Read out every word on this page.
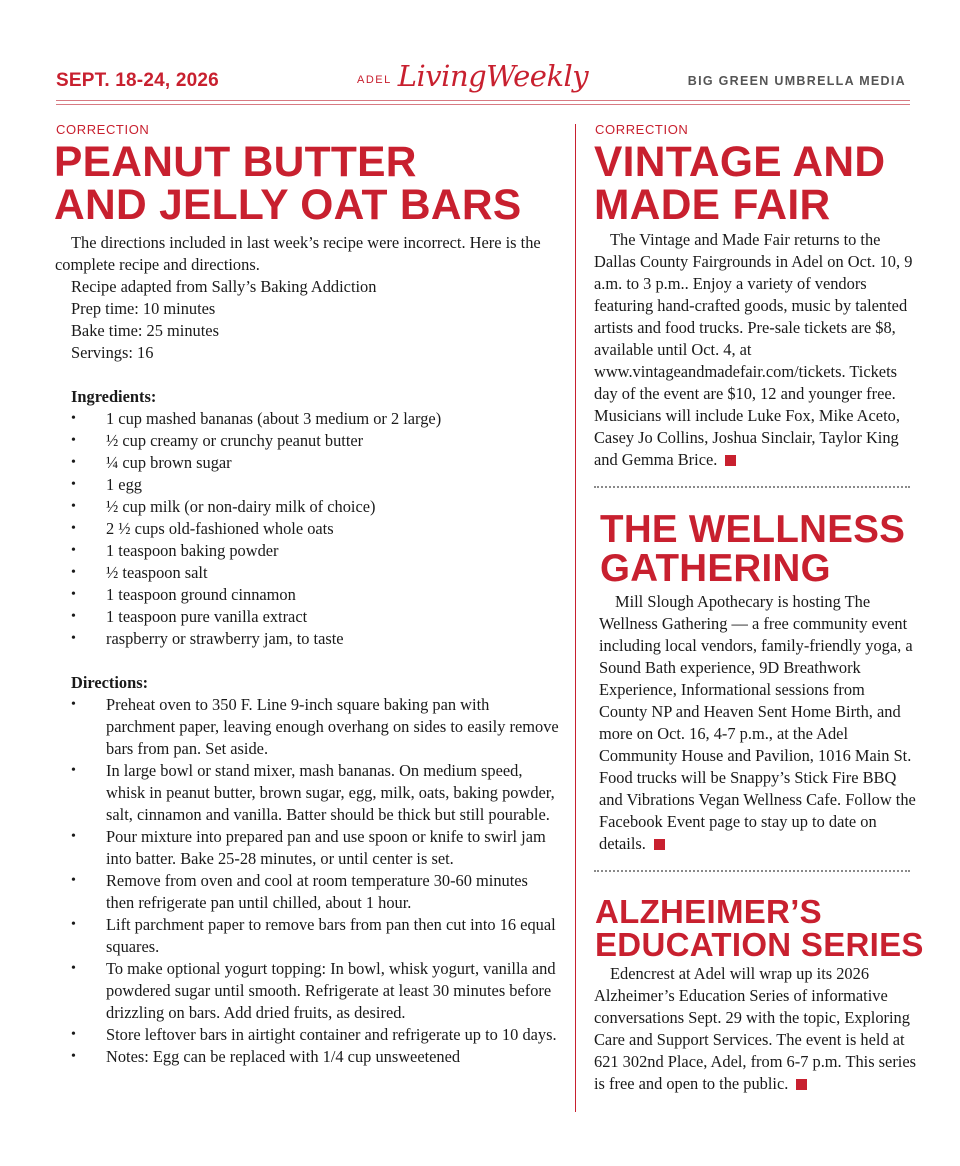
SEPT. 18-24, 2026	ADEL LivingWeekly	BIG GREEN UMBRELLA MEDIA
CORRECTION
PEANUT BUTTER
AND JELLY OAT BARS

The directions included in last week’s recipe were incorrect. Here is the complete recipe and directions.

Recipe adapted from Sally’s Baking Addiction

Prep time: 10 minutes

Bake time: 25 minutes

Servings: 16

Ingredients:

• 1 cup mashed bananas (about 3 medium or 2 large)
• ½ cup creamy or crunchy peanut butter
• ¼ cup brown sugar
• 1 egg
• ½ cup milk (or non-dairy milk of choice)
• 2 ½ cups old-fashioned whole oats
• 1 teaspoon baking powder
• ½ teaspoon salt
• 1 teaspoon ground cinnamon
• 1 teaspoon pure vanilla extract
• raspberry or strawberry jam, to taste

Directions:

• Preheat oven to 350 F. Line 9-inch square baking pan with parchment paper, leaving enough overhang on sides to easily remove bars from pan. Set aside.
• In large bowl or stand mixer, mash bananas. On medium speed, whisk in peanut butter, brown sugar, egg, milk, oats, baking powder, salt, cinnamon and vanilla. Batter should be thick but still pourable.
• Pour mixture into prepared pan and use spoon or knife to swirl jam into batter. Bake 25-28 minutes, or until center is set.
• Remove from oven and cool at room temperature 30-60 minutes then refrigerate pan until chilled, about 1 hour.
• Lift parchment paper to remove bars from pan then cut into 16 equal squares.
• To make optional yogurt topping: In bowl, whisk yogurt, vanilla and powdered sugar until smooth. Refrigerate at least 30 minutes before drizzling on bars. Add dried fruits, as desired.
• Store leftover bars in airtight container and refrigerate up to 10 days.
• Notes: Egg can be replaced with 1/4 cup unsweetened
CORRECTION
VINTAGE AND
MADE FAIR

The Vintage and Made Fair returns to the Dallas County Fairgrounds in Adel on Oct. 10, 9 a.m. to 3 p.m.. Enjoy a variety of vendors featuring hand-crafted goods, music by talented artists and food trucks. Pre-sale tickets are $8, available until Oct. 4, at www.vintageandmadefair.com/tickets. Tickets day of the event are $10, 12 and younger free. Musicians will include Luke Fox, Mike Aceto, Casey Jo Collins, Joshua Sinclair, Taylor King and Gemma Brice.

THE WELLNESS
GATHERING

Mill Slough Apothecary is hosting The Wellness Gathering — a free community event including local vendors, family-friendly yoga, a Sound Bath experience, 9D Breathwork Experience, Informational sessions from County NP and Heaven Sent Home Birth, and more on Oct. 16, 4-7 p.m., at the Adel Community House and Pavilion, 1016 Main St. Food trucks will be Snappy’s Stick Fire BBQ and Vibrations Vegan Wellness Cafe. Follow the Facebook Event page to stay up to date on details.

ALZHEIMER’S
EDUCATION SERIES

Edencrest at Adel will wrap up its 2026 Alzheimer’s Education Series of informative conversations Sept. 29 with the topic, Exploring Care and Support Services. The event is held at 621 302nd Place, Adel, from 6-7 p.m. This series is free and open to the public.
